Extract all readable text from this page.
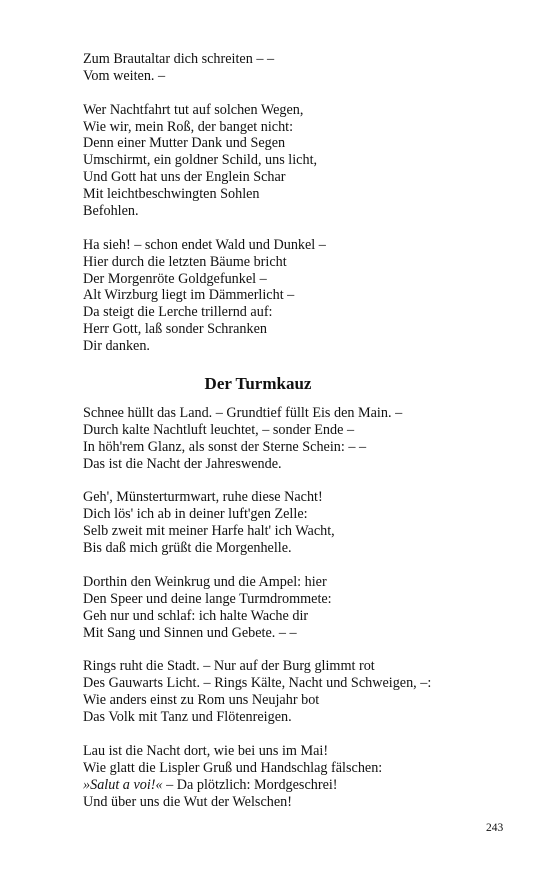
Zum Brautaltar dich schreiten – –
Vom weiten. –
Wer Nachtfahrt tut auf solchen Wegen,
Wie wir, mein Roß, der banget nicht:
Denn einer Mutter Dank und Segen
Umschirmt, ein goldner Schild, uns licht,
Und Gott hat uns der Englein Schar
Mit leichtbeschwingten Sohlen
Befohlen.
Ha sieh! – schon endet Wald und Dunkel –
Hier durch die letzten Bäume bricht
Der Morgenröte Goldgefunkel –
Alt Wirzburg liegt im Dämmerlicht –
Da steigt die Lerche trillernd auf:
Herr Gott, laß sonder Schranken
Dir danken.
Der Turmkauz
Schnee hüllt das Land. – Grundtief füllt Eis den Main. –
Durch kalte Nachtluft leuchtet, – sonder Ende –
In höh'rem Glanz, als sonst der Sterne Schein: – –
Das ist die Nacht der Jahreswende.
Geh', Münsterturmwart, ruhe diese Nacht!
Dich lös' ich ab in deiner luft'gen Zelle:
Selb zweit mit meiner Harfe halt' ich Wacht,
Bis daß mich grüßt die Morgenhelle.
Dorthin den Weinkrug und die Ampel: hier
Den Speer und deine lange Turmdrommete:
Geh nur und schlaf: ich halte Wache dir
Mit Sang und Sinnen und Gebete. – –
Rings ruht die Stadt. – Nur auf der Burg glimmt rot
Des Gauwarts Licht. – Rings Kälte, Nacht und Schweigen, –:
Wie anders einst zu Rom uns Neujahr bot
Das Volk mit Tanz und Flötenreigen.
Lau ist die Nacht dort, wie bei uns im Mai!
Wie glatt die Lispler Gruß und Handschlag fälschen:
»Salut a voi!« – Da plötzlich: Mordgeschrei!
Und über uns die Wut der Welschen!
243
